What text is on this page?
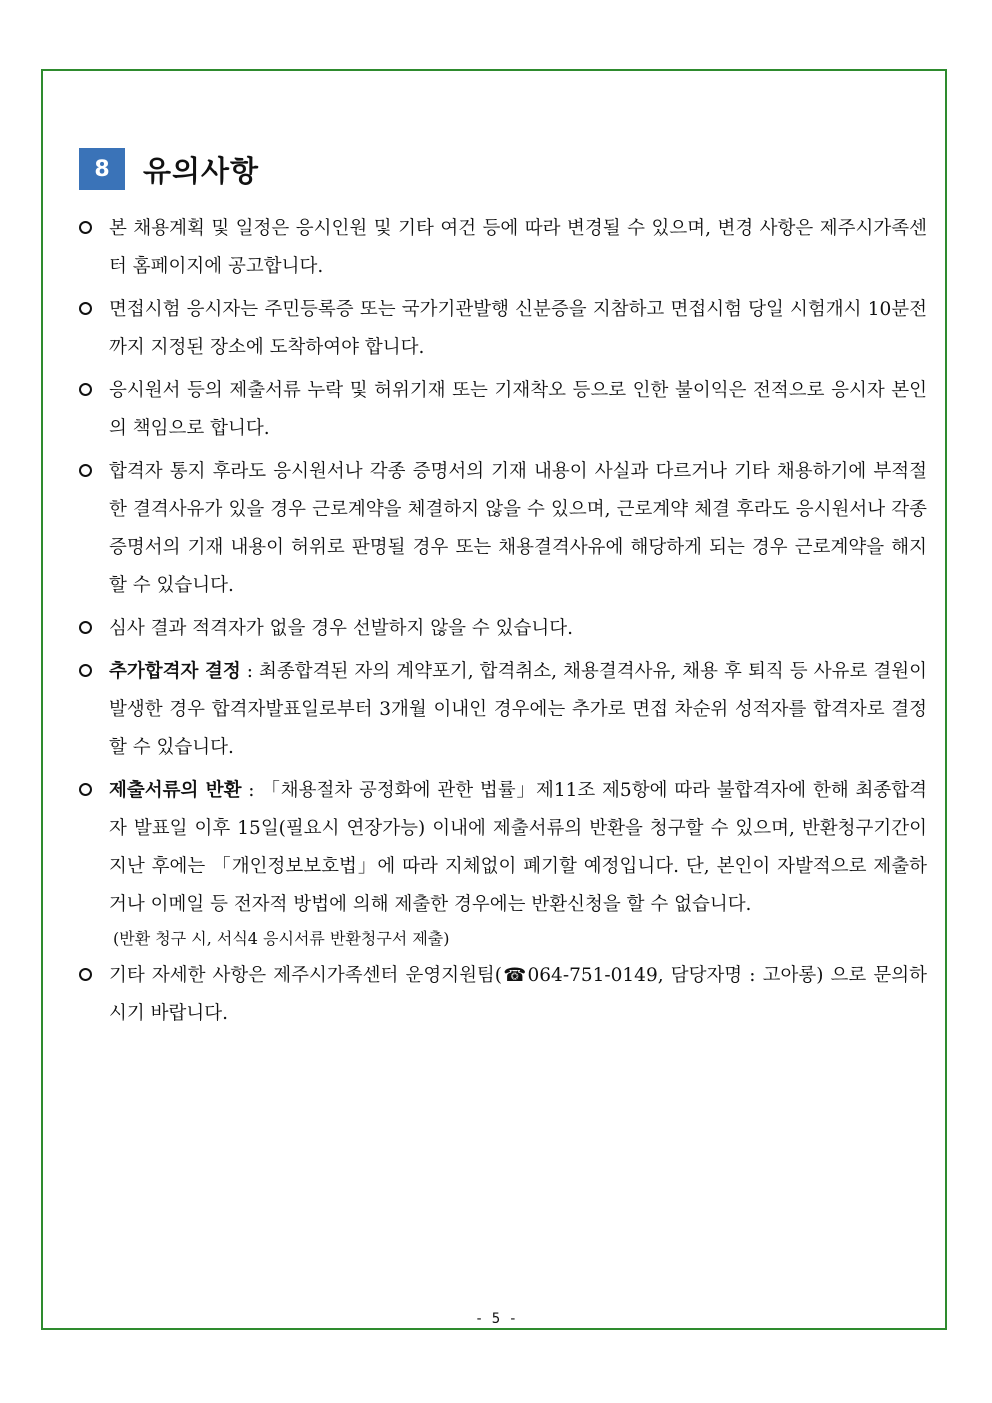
8	유의사항
본 채용계획 및 일정은 응시인원 및 기타 여건 등에 따라 변경될 수 있으며, 변경 사항은 제주시가족센터 홈페이지에 공고합니다.
면접시험 응시자는 주민등록증 또는 국가기관발행 신분증을 지참하고 면접시험 당일 시험개시 10분전까지 지정된 장소에 도착하여야 합니다.
응시원서 등의 제출서류 누락 및 허위기재 또는 기재착오 등으로 인한 불이익은 전적으로 응시자 본인의 책임으로 합니다.
합격자 통지 후라도 응시원서나 각종 증명서의 기재 내용이 사실과 다르거나 기타 채용하기에 부적절한 결격사유가 있을 경우 근로계약을 체결하지 않을 수 있으며, 근로계약 체결 후라도 응시원서나 각종 증명서의 기재 내용이 허위로 판명될 경우 또는 채용결격사유에 해당하게 되는 경우 근로계약을 해지할 수 있습니다.
심사 결과 적격자가 없을 경우 선발하지 않을 수 있습니다.
추가합격자 결정 : 최종합격된 자의 계약포기, 합격취소, 채용결격사유, 채용 후 퇴직 등 사유로 결원이 발생한 경우 합격자발표일로부터 3개월 이내인 경우에는 추가로 면접 차순위 성적자를 합격자로 결정할 수 있습니다.
제출서류의 반환 : 「채용절차 공정화에 관한 법률」제11조 제5항에 따라 불합격자에 한해 최종합격자 발표일 이후 15일(필요시 연장가능) 이내에 제출서류의 반환을 청구할 수 있으며, 반환청구기간이 지난 후에는 「개인정보보호법」에 따라 지체없이 폐기할 예정입니다. 단, 본인이 자발적으로 제출하거나 이메일 등 전자적 방법에 의해 제출한 경우에는 반환신청을 할 수 없습니다.
(반환 청구 시, 서식4 응시서류 반환청구서 제출)
기타 자세한 사항은 제주시가족센터 운영지원팀(☎064-751-0149, 담당자명 : 고아롱) 으로 문의하시기 바랍니다.
- 5 -
